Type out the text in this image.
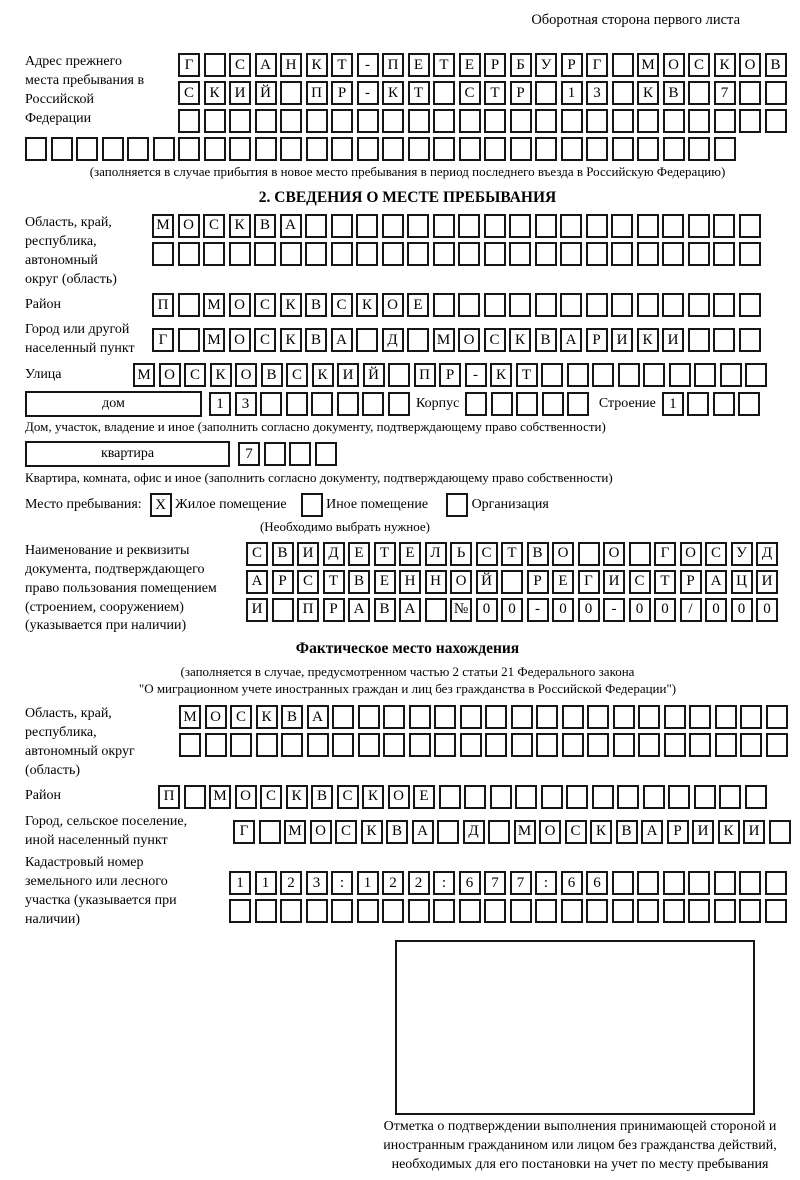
Оборотная сторона первого листа
Адрес прежнего места пребывания в Российской Федерации
Г	С	А Н	К	Т	-	П	Е	Т	Е	Р	Б	У	Р	Г	М О	С	К	О	В
С	К	И Й	П	Р	-	К	Т	С	Т	Р	1	3	К	В	7
(заполняется в случае прибытия в новое место пребывания в период последнего въезда в Российскую Федерацию)
2. СВЕДЕНИЯ О МЕСТЕ ПРЕБЫВАНИЯ
Область, край, республика, автономный округ (область)
М О	С	К	В	А
Район	П	М О	С	К	В	С	К	О	Е
Город или другой населенный пункт
Г	М О	С	К	В	А	Д	М О	С	К	В	А	Р	И	К	И
Улица	М О	С	К	О	В	С	К	И Й	П	Р	-	К	Т
дом	1	3	Корпус	Строение 1
Дом, участок, владение и иное (заполнить согласно документу, подтверждающему право собственности)
квартира	7
Квартира, комната, офис и иное (заполнить согласно документу, подтверждающему право собственности)
Место пребывания: X Жилое помещение	Иное помещение	Организация
(Необходимо выбрать нужное)
Наименование и реквизиты документа, подтверждающего право пользования помещением (строением, сооружением) (указывается при наличии)
С	В	И Д	Е	Т	Е	Л	Ь	С	Т	В	О	О	Г	О	С	У	Д
А	Р	С	Т	В	Е	Н Н О Й	Р	Е	Г	И	С	Т	Р	А Ц И
И	П	Р	А	В	А	№ 0	0	-	0	0	-	0	0	/	0	0	0
Фактическое место нахождения
(заполняется в случае, предусмотренном частью 2 статьи 21 Федерального закона
"О миграционном учете иностранных граждан и лиц без гражданства в Российской Федерации")
Область, край, республика, автономный округ (область)
М О	С	К	В	А
Район	П	М О	С	К	В	С	К	О	Е
Город, сельское поселение, иной населенный пункт
Г	М О	С	К	В	А	Д	М О	С	К	В	А	Р	И	К	И
Кадастровый номер земельного или лесного участка (указывается при наличии)
1	1	2	3	:	1	2	2	:	6	7	7	:	6	6
Отметка о подтверждении выполнения принимающей стороной и иностранным гражданином или лицом без гражданства действий, необходимых для его постановки на учет по месту пребывания
